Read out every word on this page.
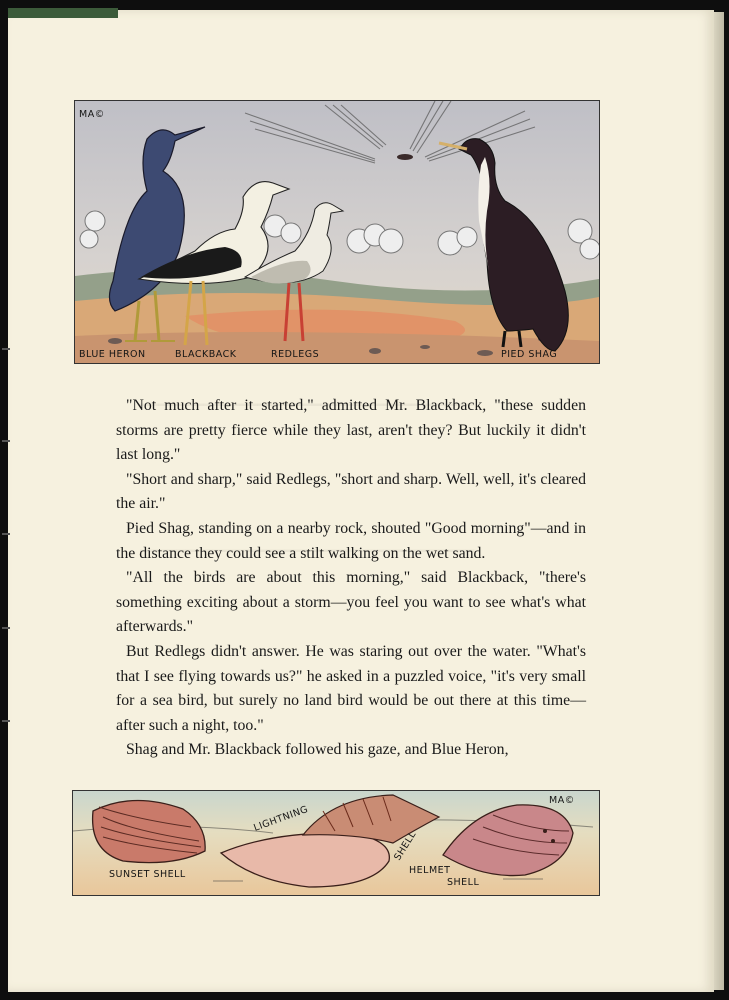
MA©
BLUE HERON	BLACKBACK	REDLEGS	PIED SHAG

"Not much after it started," admitted Mr. Blackback, "these sudden storms are pretty fierce while they last, aren't they? But luckily it didn't last long."

"Short and sharp," said Redlegs, "short and sharp. Well, well, it's cleared the air."

Pied Shag, standing on a nearby rock, shouted "Good morning"—and in the distance they could see a stilt walking on the wet sand.

"All the birds are about this morning," said Blackback, "there's something exciting about a storm—you feel you want to see what's what afterwards."

But Redlegs didn't answer. He was staring out over the water. "What's that I see flying towards us?" he asked in a puzzled voice, "it's very small for a sea bird, but surely no land bird would be out there at this time—after such a night, too."

Shag and Mr. Blackback followed his gaze, and Blue Heron,

MA©
SUNSET SHELL
LIGHTNING
SHELL
HELMET
SHELL
